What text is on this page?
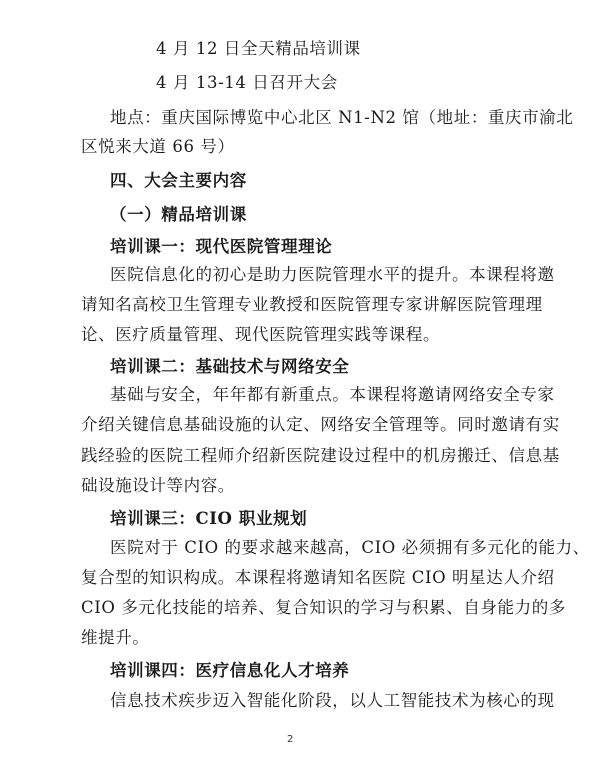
4 月 12 日全天精品培训课
4 月 13-14 日召开大会
地点：重庆国际博览中心北区 N1-N2 馆（地址：重庆市渝北
区悦来大道 66 号）
四、大会主要内容
（一）精品培训课
培训课一：现代医院管理理论
医院信息化的初心是助力医院管理水平的提升。本课程将邀
请知名高校卫生管理专业教授和医院管理专家讲解医院管理理
论、医疗质量管理、现代医院管理实践等课程。
培训课二：基础技术与网络安全
基础与安全，年年都有新重点。本课程将邀请网络安全专家
介绍关键信息基础设施的认定、网络安全管理等。同时邀请有实
践经验的医院工程师介绍新医院建设过程中的机房搬迁、信息基
础设施设计等内容。
培训课三：CIO 职业规划
医院对于 CIO 的要求越来越高，CIO 必须拥有多元化的能力、
复合型的知识构成。本课程将邀请知名医院 CIO 明星达人介绍
CIO 多元化技能的培养、复合知识的学习与积累、自身能力的多
维提升。
培训课四：医疗信息化人才培养
信息技术疾步迈入智能化阶段，以人工智能技术为核心的现
2
